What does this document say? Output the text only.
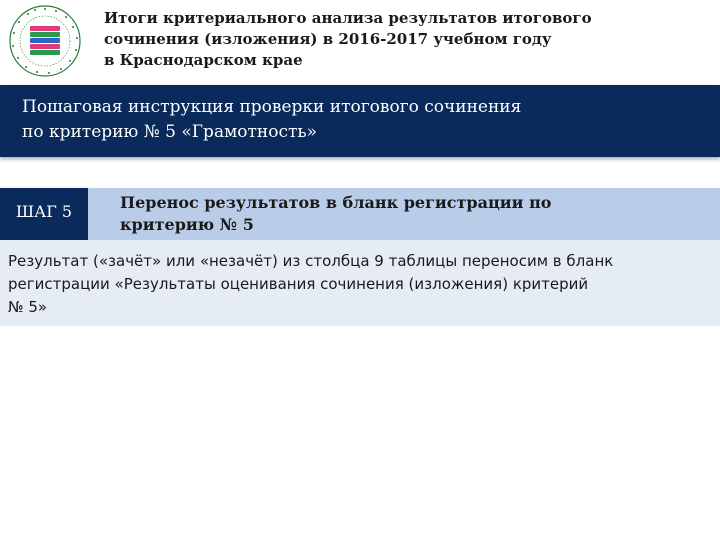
Итоги критериального анализа результатов итогового
сочинения (изложения) в 2016-2017 учебном году
в Краснодарском крае
Пошаговая инструкция проверки итогового сочинения
по критерию № 5 «Грамотность»
ШАГ 5	Перенос результатов в бланк регистрации по
критерию № 5
Результат («зачёт» или «незачёт) из столбца 9 таблицы переносим в бланк
регистрации «Результаты оценивания сочинения (изложения) критерий
№ 5»
